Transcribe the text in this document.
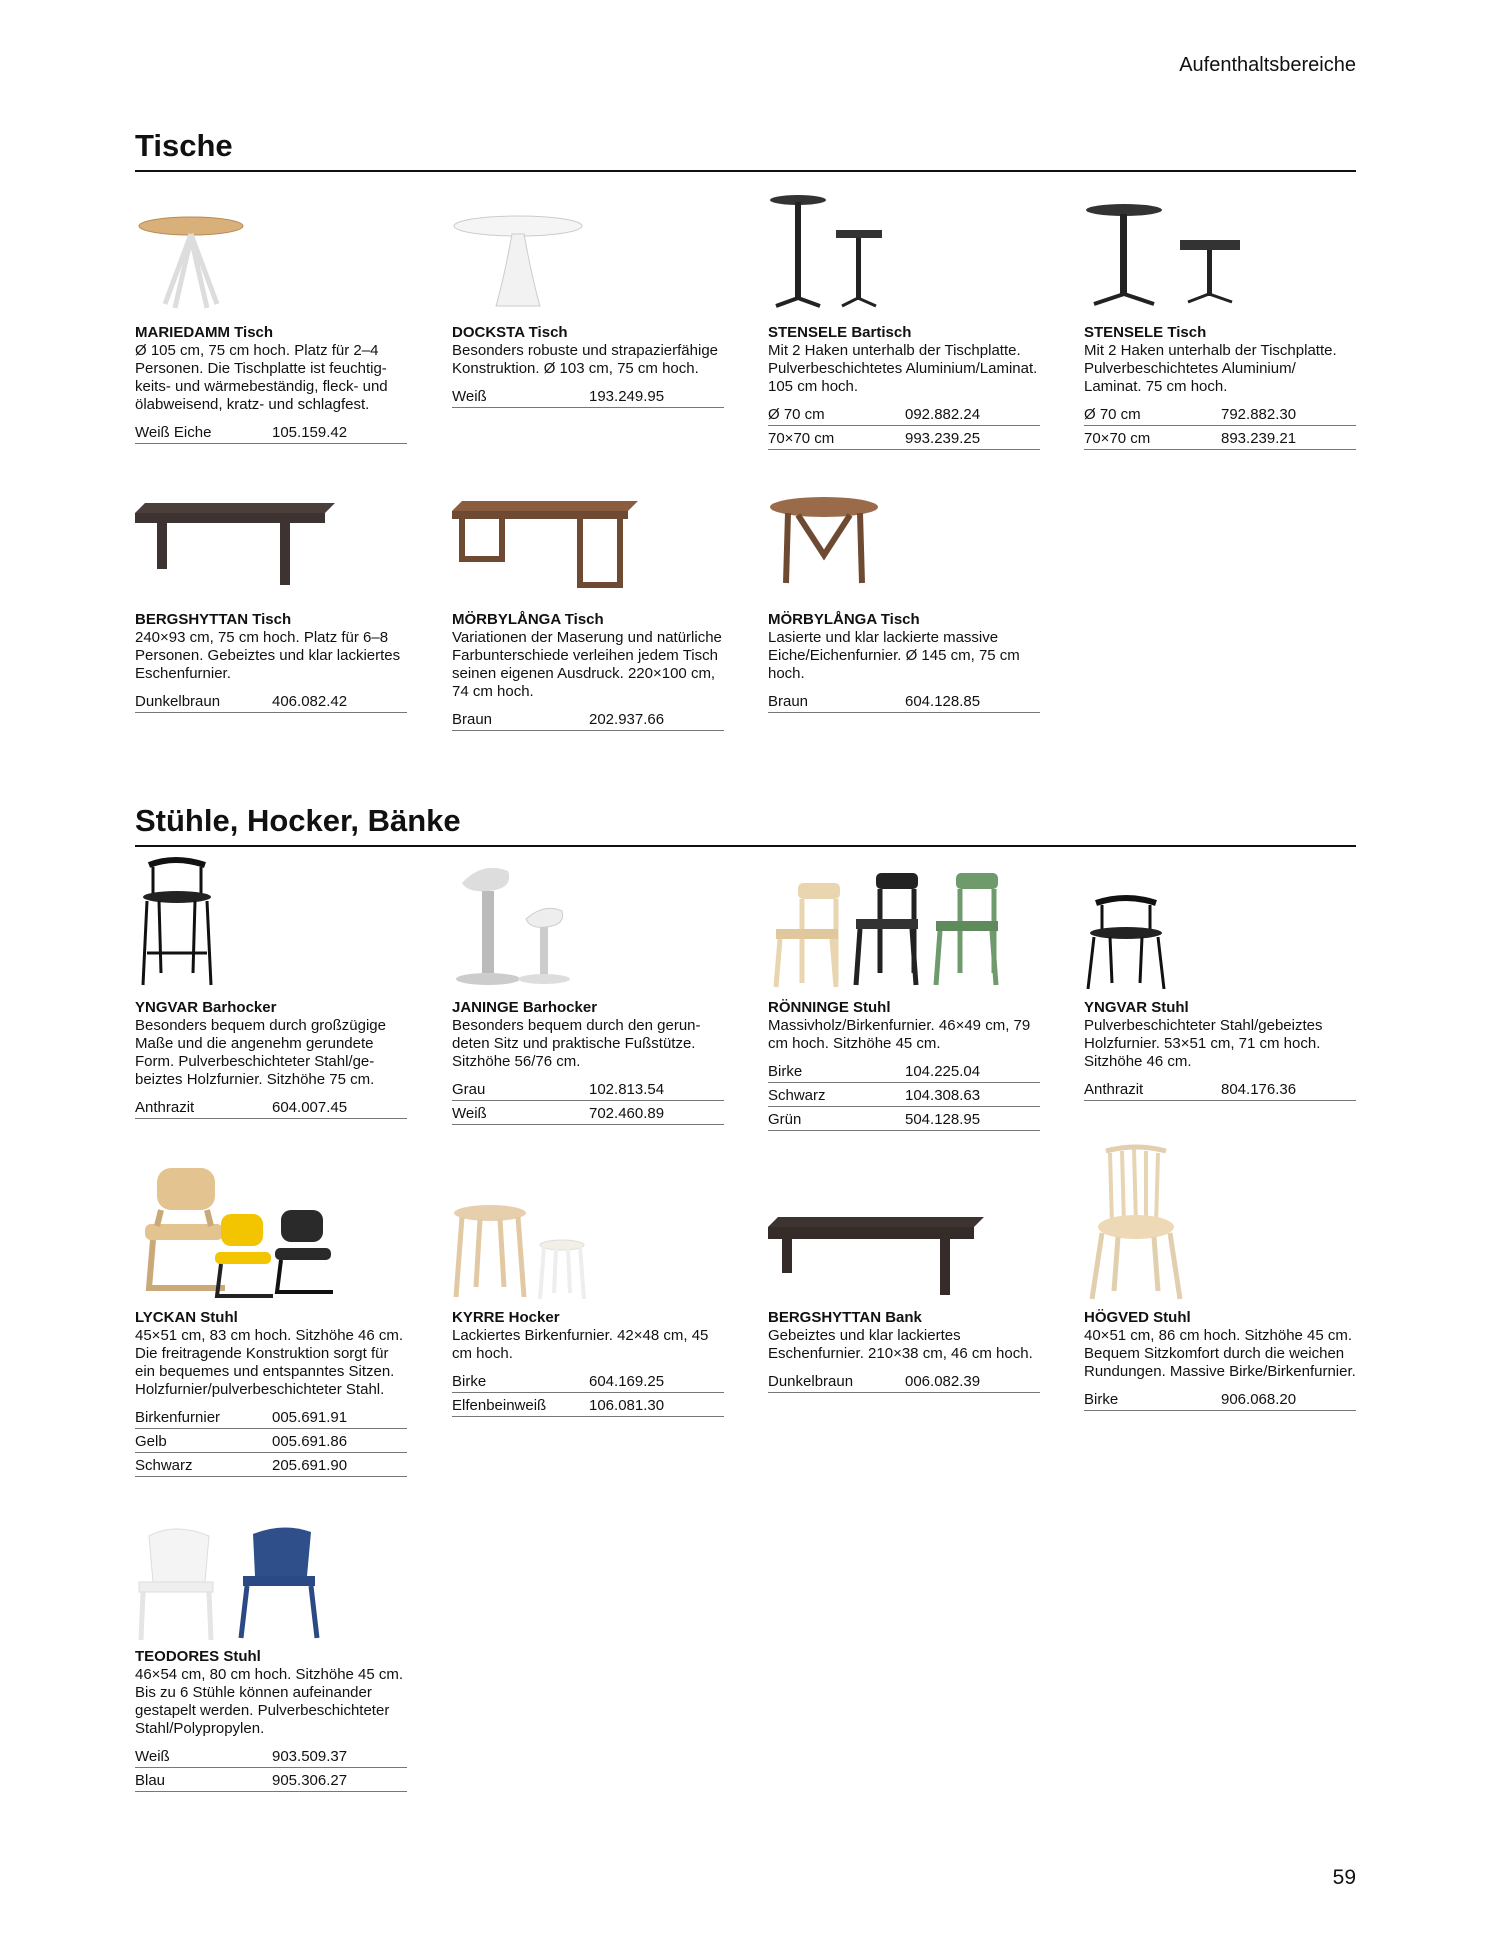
Aufenthaltsbereiche
Tische
Stühle, Hocker, Bänke
MARIEDAMM Tisch
Ø 105 cm, 75 cm hoch. Platz für 2–4 Personen. Die Tischplatte ist feuchtigkeits- und wärmebeständig, fleck- und ölabweisend, kratz- und schlagfest.
Weiß Eiche	105.159.42
DOCKSTA Tisch
Besonders robuste und strapazierfähige Konstruktion. Ø 103 cm, 75 cm hoch.
Weiß	193.249.95
STENSELE Bartisch
Mit 2 Haken unterhalb der Tischplatte. Pulverbeschichtetes Aluminium/Laminat. 105 cm hoch.
Ø 70 cm	092.882.24
70×70 cm	993.239.25
STENSELE Tisch
Mit 2 Haken unterhalb der Tischplatte. Pulverbeschichtetes Aluminium/ Laminat. 75 cm hoch.
Ø 70 cm	792.882.30
70×70 cm	893.239.21
BERGSHYTTAN Tisch
240×93 cm, 75 cm hoch. Platz für 6–8 Personen. Gebeiztes und klar lackiertes Eschenfurnier.
Dunkelbraun	406.082.42
MÖRBYLÅNGA Tisch
Variationen der Maserung und natürliche Farbunterschiede verleihen jedem Tisch seinen eigenen Ausdruck. 220×100 cm, 74 cm hoch.
Braun	202.937.66
MÖRBYLÅNGA Tisch
Lasierte und klar lackierte massive Eiche/Eichenfurnier. Ø 145 cm, 75 cm hoch.
Braun	604.128.85
YNGVAR Barhocker
Besonders bequem durch großzügige Maße und die angenehm gerundete Form. Pulverbeschichteter Stahl/gebeiztes Holzfurnier. Sitzhöhe 75 cm.
Anthrazit	604.007.45
JANINGE Barhocker
Besonders bequem durch den gerundeten Sitz und praktische Fußstütze. Sitzhöhe 56/76 cm.
Grau	102.813.54
Weiß	702.460.89
RÖNNINGE Stuhl
Massivholz/Birkenfurnier. 46×49 cm, 79 cm hoch. Sitzhöhe 45 cm.
Birke	104.225.04
Schwarz	104.308.63
Grün	504.128.95
YNGVAR Stuhl
Pulverbeschichteter Stahl/gebeiztes Holzfurnier. 53×51 cm, 71 cm hoch. Sitzhöhe 46 cm.
Anthrazit	804.176.36
LYCKAN Stuhl
45×51 cm, 83 cm hoch. Sitzhöhe 46 cm. Die freitragende Konstruktion sorgt für ein bequemes und entspanntes Sitzen. Holzfurnier/pulverbeschichteter Stahl.
Birkenfurnier	005.691.91
Gelb	005.691.86
Schwarz	205.691.90
KYRRE Hocker
Lackiertes Birkenfurnier. 42×48 cm, 45 cm hoch.
Birke	604.169.25
Elfenbeinweiß	106.081.30
BERGSHYTTAN Bank
Gebeiztes und klar lackiertes Eschenfurnier. 210×38 cm, 46 cm hoch.
Dunkelbraun	006.082.39
HÖGVED Stuhl
40×51 cm, 86 cm hoch. Sitzhöhe 45 cm. Bequem Sitzkomfort durch die weichen Rundungen. Massive Birke/Birkenfurnier.
Birke	906.068.20
TEODORES Stuhl
46×54 cm, 80 cm hoch. Sitzhöhe 45 cm. Bis zu 6 Stühle können aufeinander gestapelt werden. Pulverbeschichteter Stahl/Polypropylen.
Weiß	903.509.37
Blau	905.306.27
59
